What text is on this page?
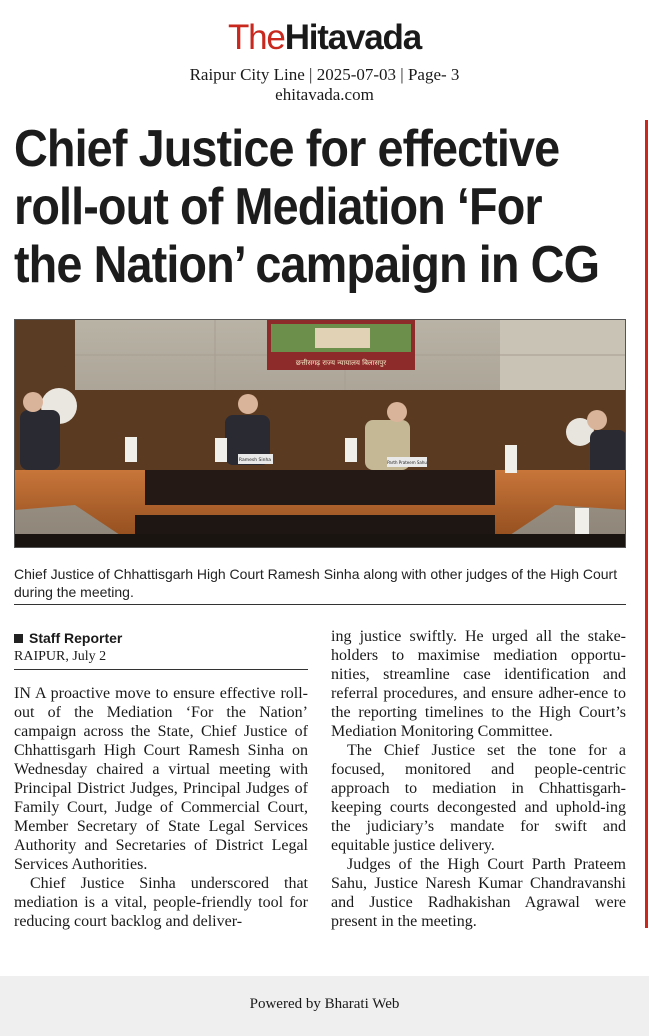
TheHitavada
Raipur City Line | 2025-07-03 | Page- 3
ehitavada.com
Chief Justice for effective
roll-out of Mediation ‘For
the Nation’ campaign in CG
छत्तीसगढ़ राज्य न्यायालय बिलासपुर
Ramesh Sinha	Parth Prateem Sahu

Chief Justice of Chhattisgarh High Court Ramesh Sinha along with other judges of the High Court during the meeting.

Staff Reporter
RAIPUR, July 2

IN A proactive move to ensure effective roll-out of the Mediation ‘For the Nation’ campaign across the State, Chief Justice of Chhattisgarh High Court Ramesh Sinha on Wednesday chaired a virtual meeting with Principal District Judges, Principal Judges of Family Court, Judge of Commercial Court, Member Secretary of State Legal Services Authority and Secretaries of District Legal Services Authorities.

Chief Justice Sinha underscored that mediation is a vital, people-friendly tool for reducing court backlog and deliver-

ing justice swiftly. He urged all the stake-holders to maximise mediation opportu-nities, streamline case identification and referral procedures, and ensure adher-ence to the reporting timelines to the High Court’s Mediation Monitoring Committee.

The Chief Justice set the tone for a focused, monitored and people-centric approach to mediation in Chhattisgarh-keeping courts decongested and uphold-ing the judiciary’s mandate for swift and equitable justice delivery.

Judges of the High Court Parth Prateem Sahu, Justice Naresh Kumar Chandravanshi and Justice Radhakishan Agrawal were present in the meeting.

Powered by Bharati Web
